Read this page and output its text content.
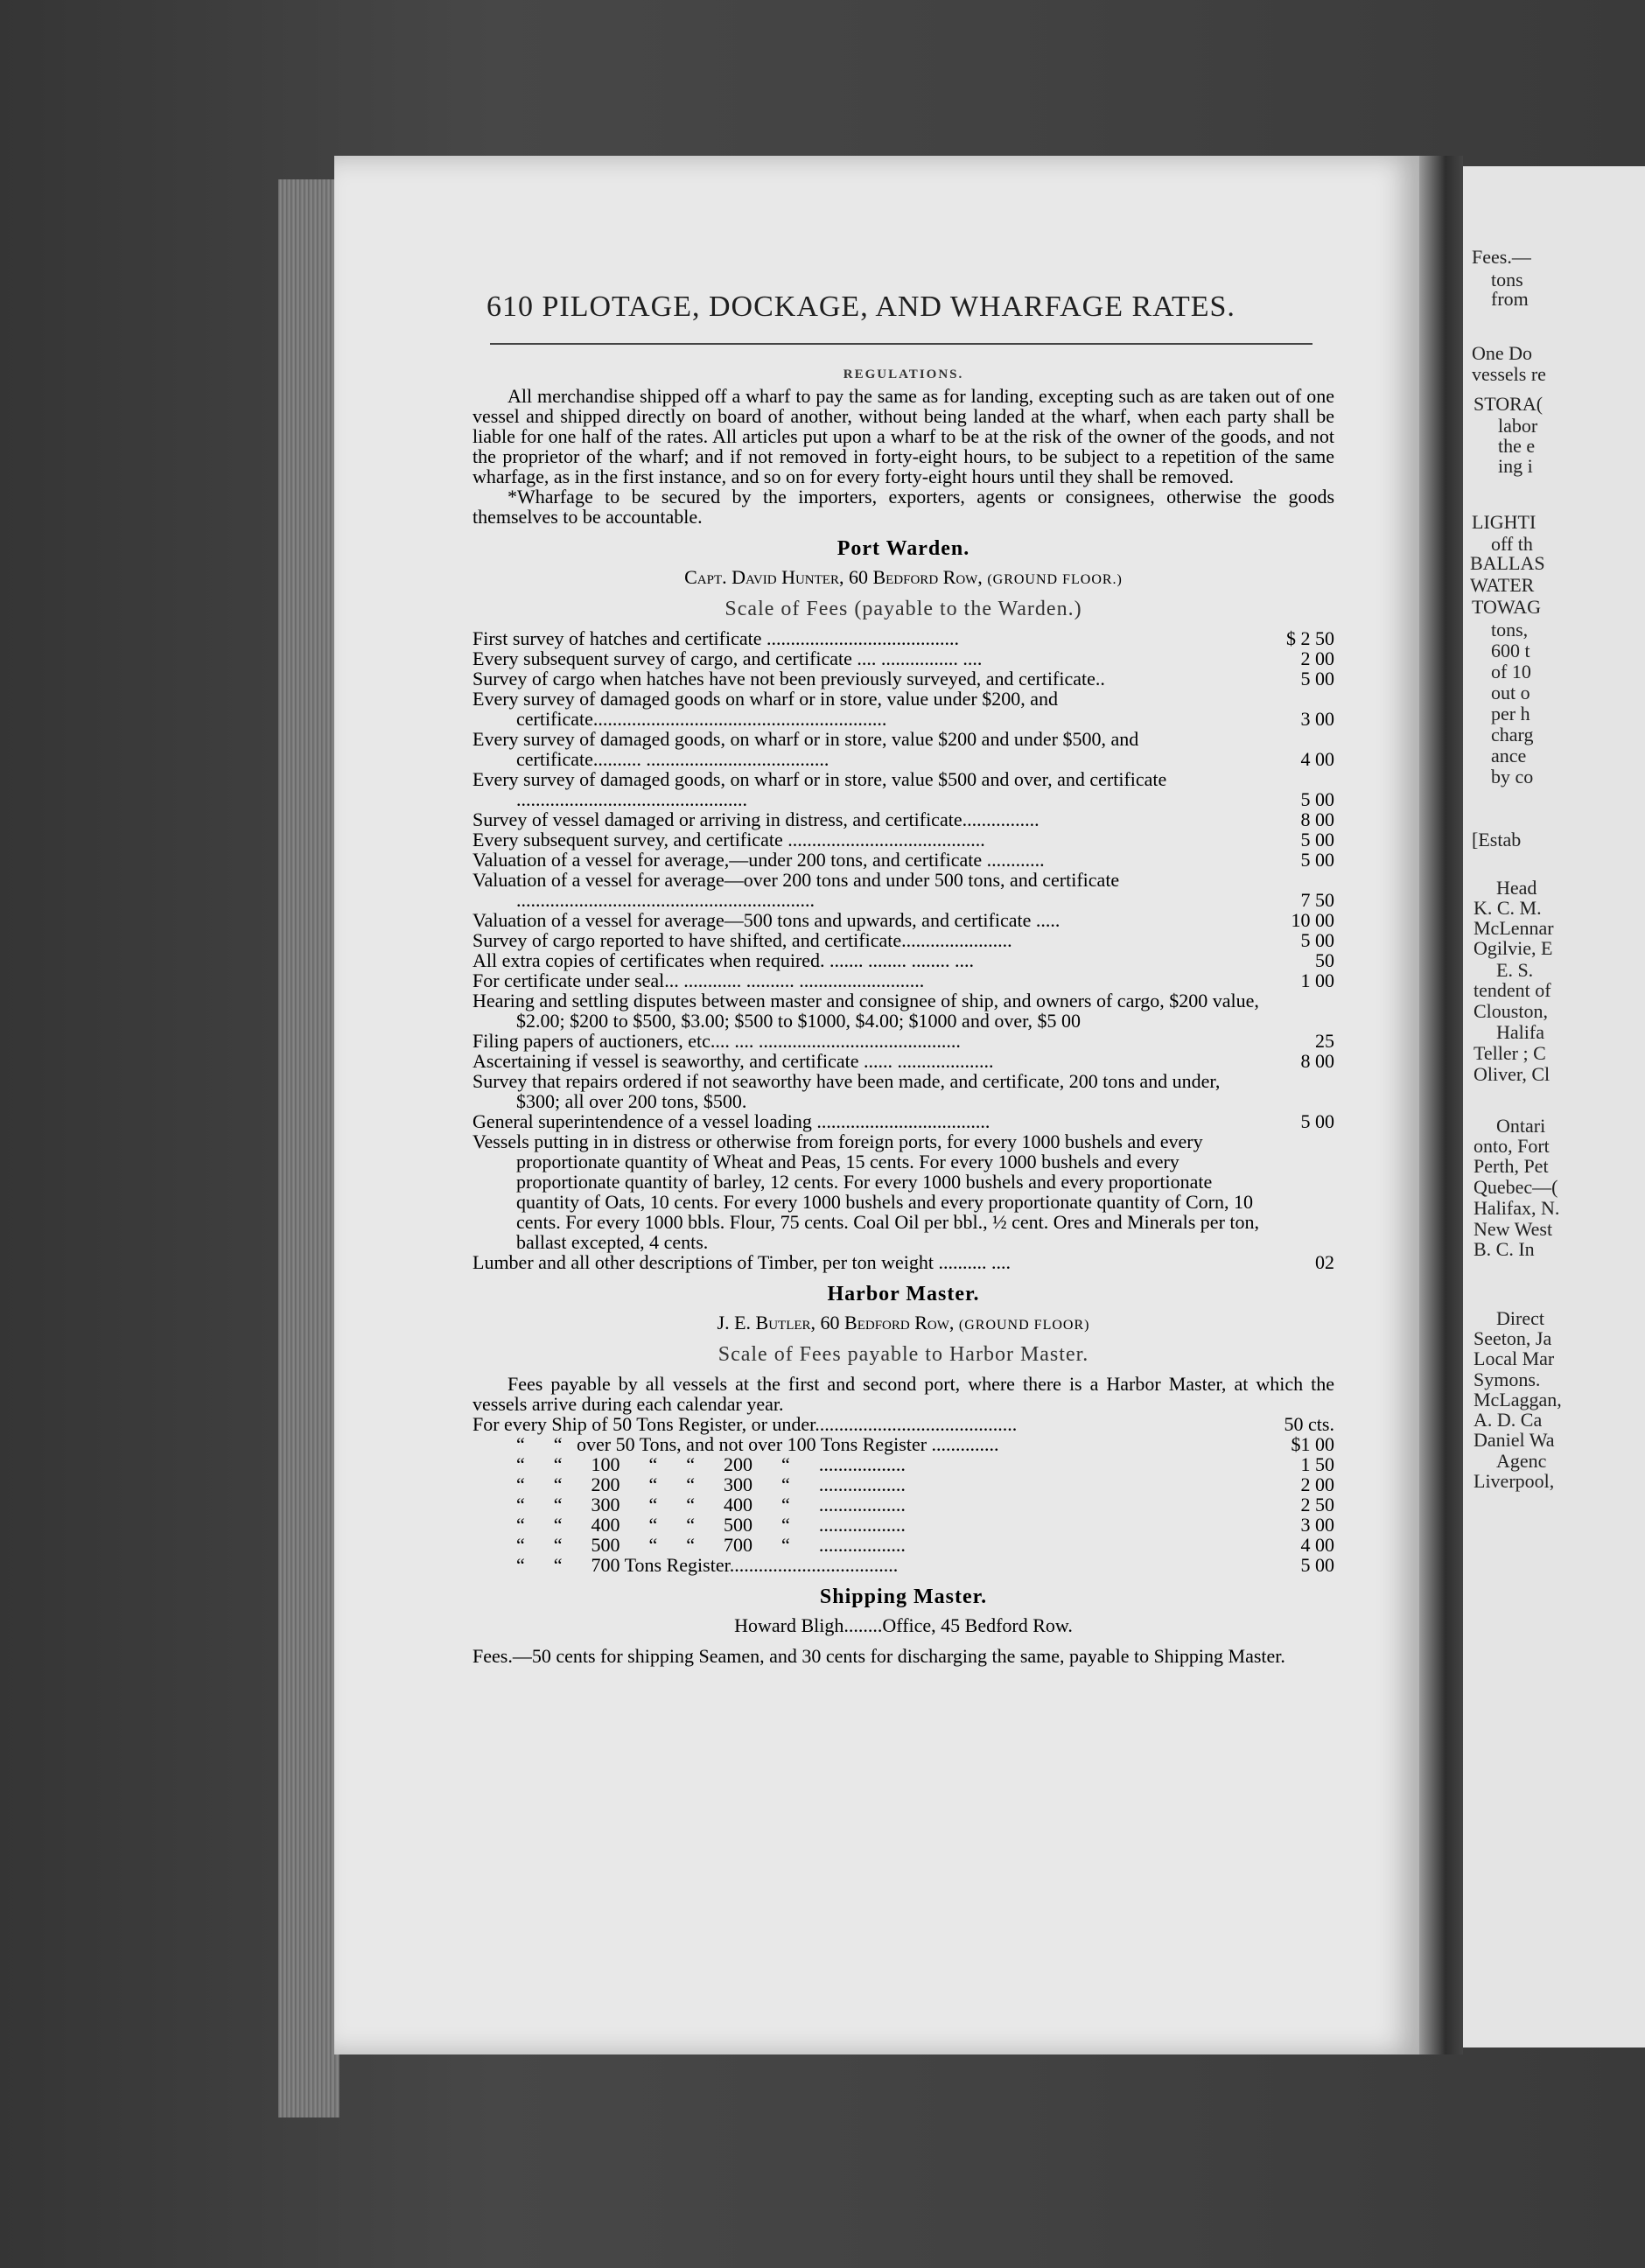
610 PILOTAGE, DOCKAGE, AND WHARFAGE RATES.
REGULATIONS.

All merchandise shipped off a wharf to pay the same as for landing, excepting such as are taken out of one vessel and shipped directly on board of another, without being landed at the wharf, when each party shall be liable for one half of the rates. All articles put upon a wharf to be at the risk of the owner of the goods, and not the proprietor of the wharf; and if not removed in forty-eight hours, to be subject to a repetition of the same wharfage, as in the first instance, and so on for every forty-eight hours until they shall be removed.

*Wharfage to be secured by the importers, exporters, agents or consignees, otherwise the goods themselves to be accountable.

Port Warden.
Capt. David Hunter, 60 Bedford Row, (GROUND FLOOR.)
Scale of Fees (payable to the Warden.)
First survey of hatches and certificate ........................................	$ 2 50
Every subsequent survey of cargo, and certificate .... ................ ....	2 00
Survey of cargo when hatches have not been previously surveyed, and certificate..	5 00
Every survey of damaged goods on wharf or in store, value under $200, and certificate.............................................................	3 00
Every survey of damaged goods, on wharf or in store, value $200 and under $500, and certificate.......... ......................................	4 00
Every survey of damaged goods, on wharf or in store, value $500 and over, and certificate ................................................	5 00
Survey of vessel damaged or arriving in distress, and certificate................	8 00
Every subsequent survey, and certificate .........................................	5 00
Valuation of a vessel for average,—under 200 tons, and certificate ............	5 00
Valuation of a vessel for average—over 200 tons and under 500 tons, and certificate ..............................................................	7 50
Valuation of a vessel for average—500 tons and upwards, and certificate .....	10 00
Survey of cargo reported to have shifted, and certificate.......................	5 00
All extra copies of certificates when required. ....... ........ ........ ....	50
For certificate under seal... ............ .......... ..........................	1 00
Hearing and settling disputes between master and consignee of ship, and owners of cargo, $200 value, $2.00; $200 to $500, $3.00; $500 to $1000, $4.00; $1000 and over, $5 00
Filing papers of auctioners, etc.... .... ..........................................	25
Ascertaining if vessel is seaworthy, and certificate ...... ....................	8 00
Survey that repairs ordered if not seaworthy have been made, and certificate, 200 tons and under, $300; all over 200 tons, $500.
General superintendence of a vessel loading ....................................	5 00
Vessels putting in in distress or otherwise from foreign ports, for every 1000 bushels and every proportionate quantity of Wheat and Peas, 15 cents. For every 1000 bushels and every proportionate quantity of barley, 12 cents. For every 1000 bushels and every proportionate quantity of Oats, 10 cents. For every 1000 bushels and every proportionate quantity of Corn, 10 cents. For every 1000 bbls. Flour, 75 cents. Coal Oil per bbl., ½ cent. Ores and Minerals per ton, ballast excepted, 4 cents.
Lumber and all other descriptions of Timber, per ton weight .......... ....	02
Harbor Master.
J. E. Butler, 60 Bedford Row, (GROUND FLOOR)
Scale of Fees payable to Harbor Master.

Fees payable by all vessels at the first and second port, where there is a Harbor Master, at which the vessels arrive during each calendar year.

For every Ship of 50 Tons Register, or under..........................................	50 cts.
“      “   over 50 Tons, and not over 100 Tons Register ..............	$1 00
“      “      100      “      “      200      “      ..................	1 50
“      “      200      “      “      300      “      ..................	2 00
“      “      300      “      “      400      “      ..................	2 50
“      “      400      “      “      500      “      ..................	3 00
“      “      500      “      “      700      “      ..................	4 00
“      “      700 Tons Register...................................	5 00
Shipping Master.
Howard Bligh........Office, 45 Bedford Row.
Fees.—50 cents for shipping Seamen, and 30 cents for discharging the same, payable to Shipping Master.
Fees.—
tons
from
One Do
vessels re
STORA(
labor
the e
ing i
LIGHTI
off th
BALLAS
WATER
TOWAG
tons,
600 t
of 10
out o
per h
charg
ance
by co
[Estab
Head
K. C. M.
McLennar
Ogilvie, E
E. S.
tendent of
Clouston,
Halifa
Teller ; C
Oliver, Cl
Ontari
onto, Fort
Perth, Pet
Quebec—(
Halifax, N.
New West
B. C. In
Direct
Seeton, Ja
Local Mar
Symons.
McLaggan,
A. D. Ca
Daniel Wa
Agenc
Liverpool,
